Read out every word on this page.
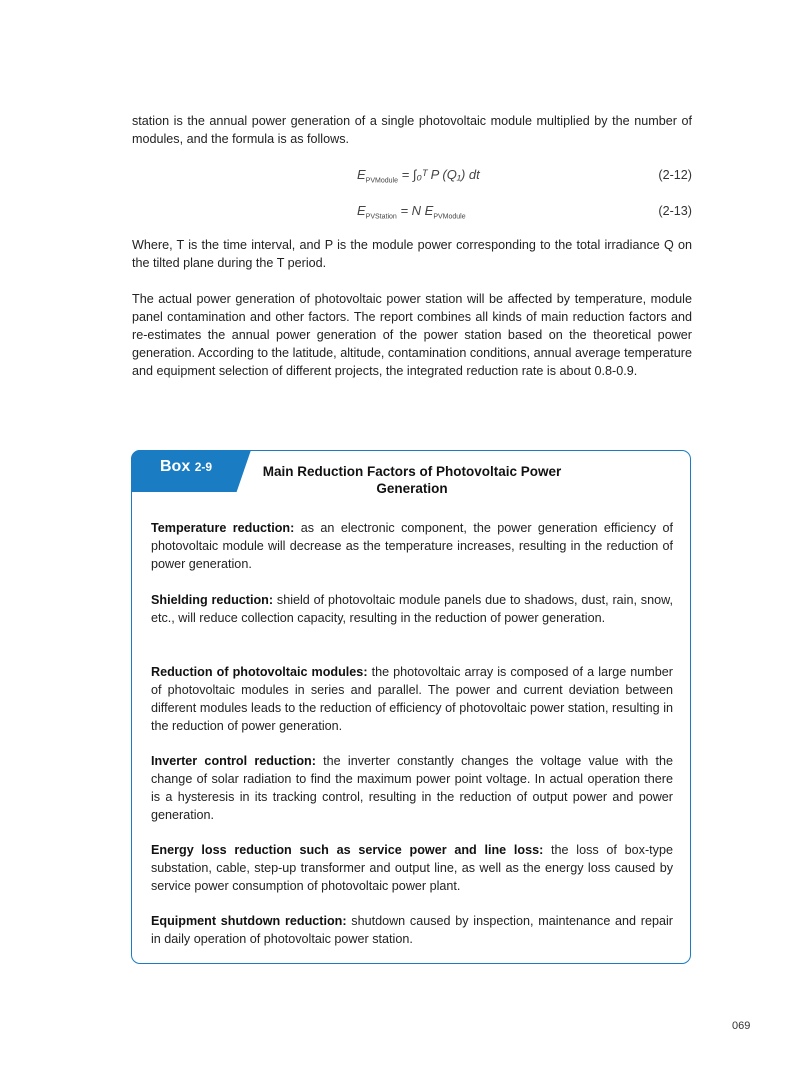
station is the annual power generation of a single photovoltaic module multiplied by the number of modules, and the formula is as follows.

$E_{PVModule}$ = ∫₀ᵀ P (Q₁) dt	(2-12)
$E_{PVStation} = N$ $E_{PVModule}$	(2-13)

Where, T is the time interval, and P is the module power corresponding to the total irradiance Q on the tilted plane during the T period.

The actual power generation of photovoltaic power station will be affected by temperature, module panel contamination and other factors. The report combines all kinds of main reduction factors and re-estimates the annual power generation of the power station based on the theoretical power generation. According to the latitude, altitude, contamination conditions, annual average temperature and equipment selection of different projects, the integrated reduction rate is about 0.8-0.9.

Box 2-9	Main Reduction Factors of Photovoltaic Power Generation

Temperature reduction: as an electronic component, the power generation efficiency of photovoltaic module will decrease as the temperature increases, resulting in the reduction of power generation.

Shielding reduction: shield of photovoltaic module panels due to shadows, dust, rain, snow, etc., will reduce collection capacity, resulting in the reduction of power generation.

Reduction of photovoltaic modules: the photovoltaic array is composed of a large number of photovoltaic modules in series and parallel. The power and current deviation between different modules leads to the reduction of efficiency of photovoltaic power station, resulting in the reduction of power generation.

Inverter control reduction: the inverter constantly changes the voltage value with the change of solar radiation to find the maximum power point voltage. In actual operation there is a hysteresis in its tracking control, resulting in the reduction of output power and power generation.

Energy loss reduction such as service power and line loss: the loss of box-type substation, cable, step-up transformer and output line, as well as the energy loss caused by service power consumption of photovoltaic power plant.

Equipment shutdown reduction: shutdown caused by inspection, maintenance and repair in daily operation of photovoltaic power station.

069
